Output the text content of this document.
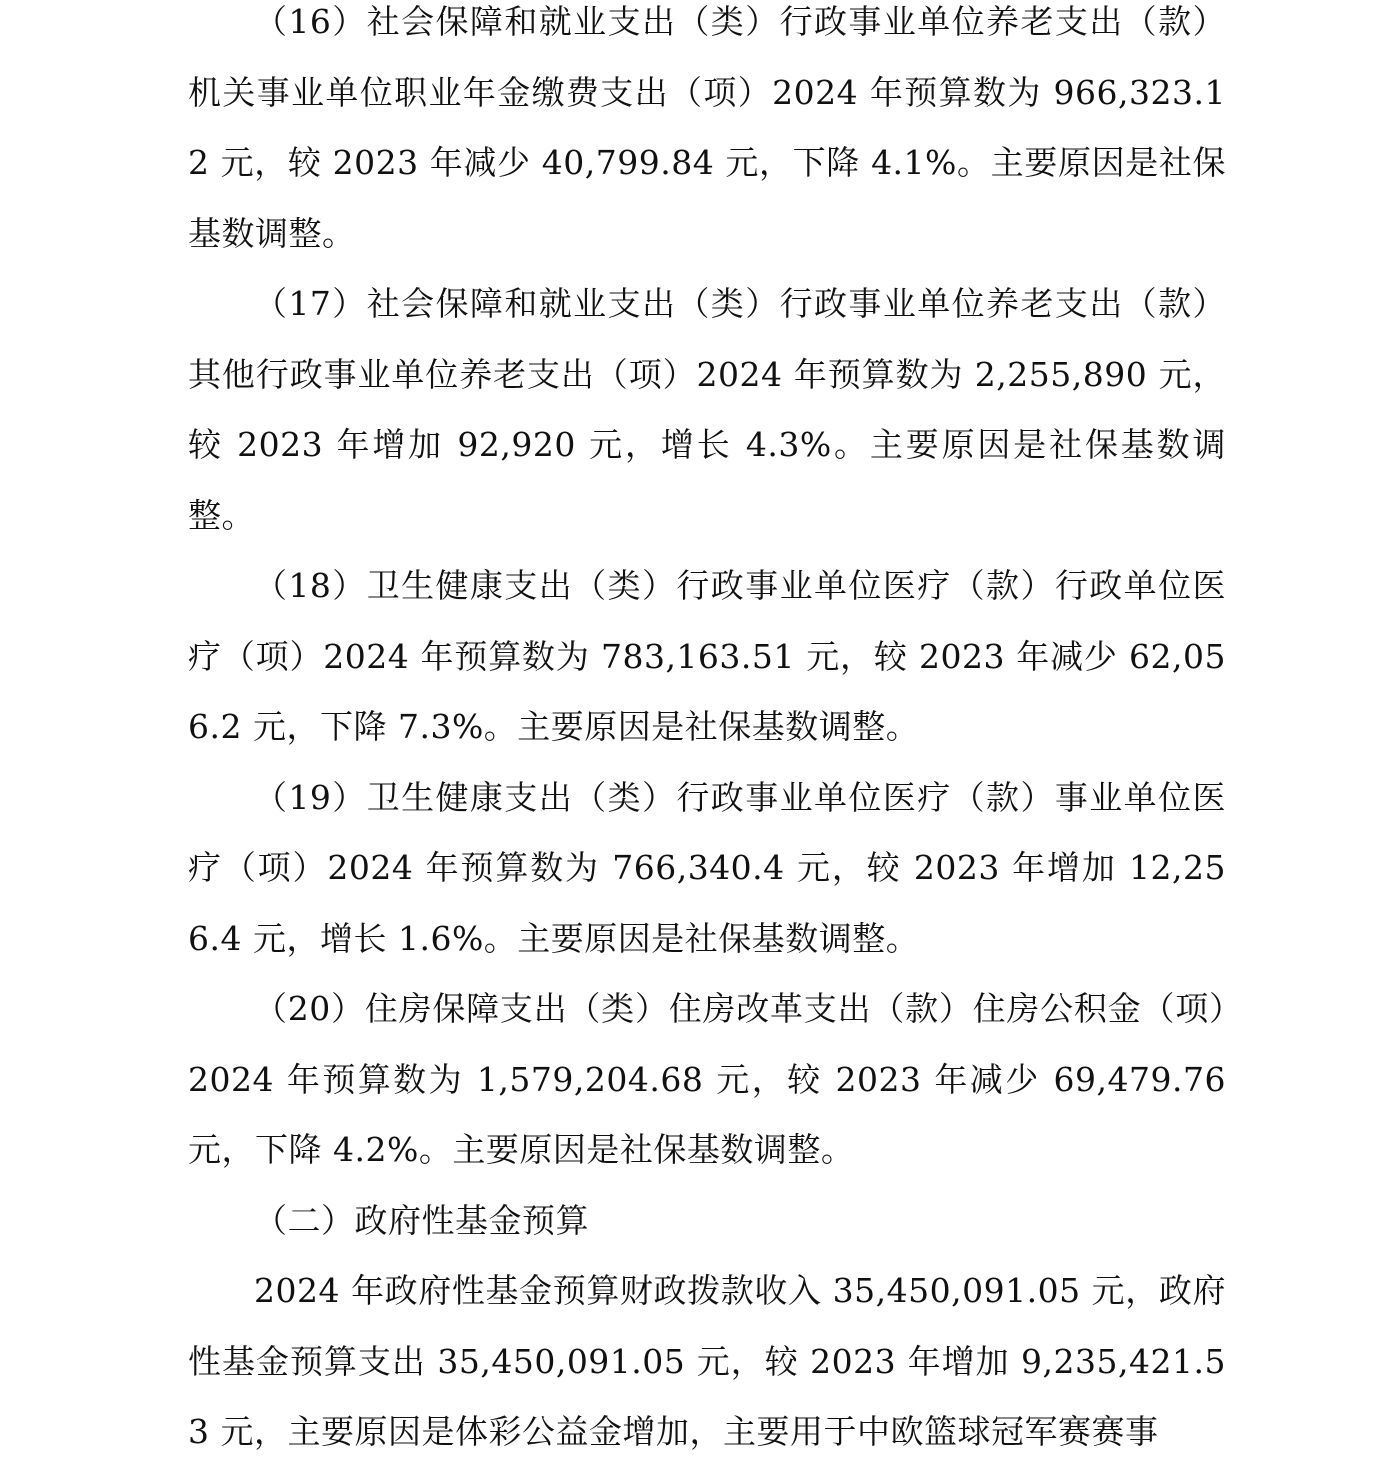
（16）社会保障和就业支出（类）行政事业单位养老支出（款）机关事业单位职业年金缴费支出（项）2024 年预算数为 966,323.12 元，较 2023 年减少 40,799.84 元，下降 4.1%。主要原因是社保基数调整。

（17）社会保障和就业支出（类）行政事业单位养老支出（款）其他行政事业单位养老支出（项）2024 年预算数为 2,255,890 元，较 2023 年增加 92,920 元，增长 4.3%。主要原因是社保基数调整。

（18）卫生健康支出（类）行政事业单位医疗（款）行政单位医疗（项）2024 年预算数为 783,163.51 元，较 2023 年减少 62,056.2 元，下降 7.3%。主要原因是社保基数调整。

（19）卫生健康支出（类）行政事业单位医疗（款）事业单位医疗（项）2024 年预算数为 766,340.4 元，较 2023 年增加 12,256.4 元，增长 1.6%。主要原因是社保基数调整。

（20）住房保障支出（类）住房改革支出（款）住房公积金（项）2024 年预算数为 1,579,204.68 元，较 2023 年减少 69,479.76 元，下降 4.2%。主要原因是社保基数调整。

（二）政府性基金预算

2024 年政府性基金预算财政拨款收入 35,450,091.05 元，政府性基金预算支出 35,450,091.05 元，较 2023 年增加 9,235,421.53 元，主要原因是体彩公益金增加，主要用于中欧篮球冠军赛赛事
